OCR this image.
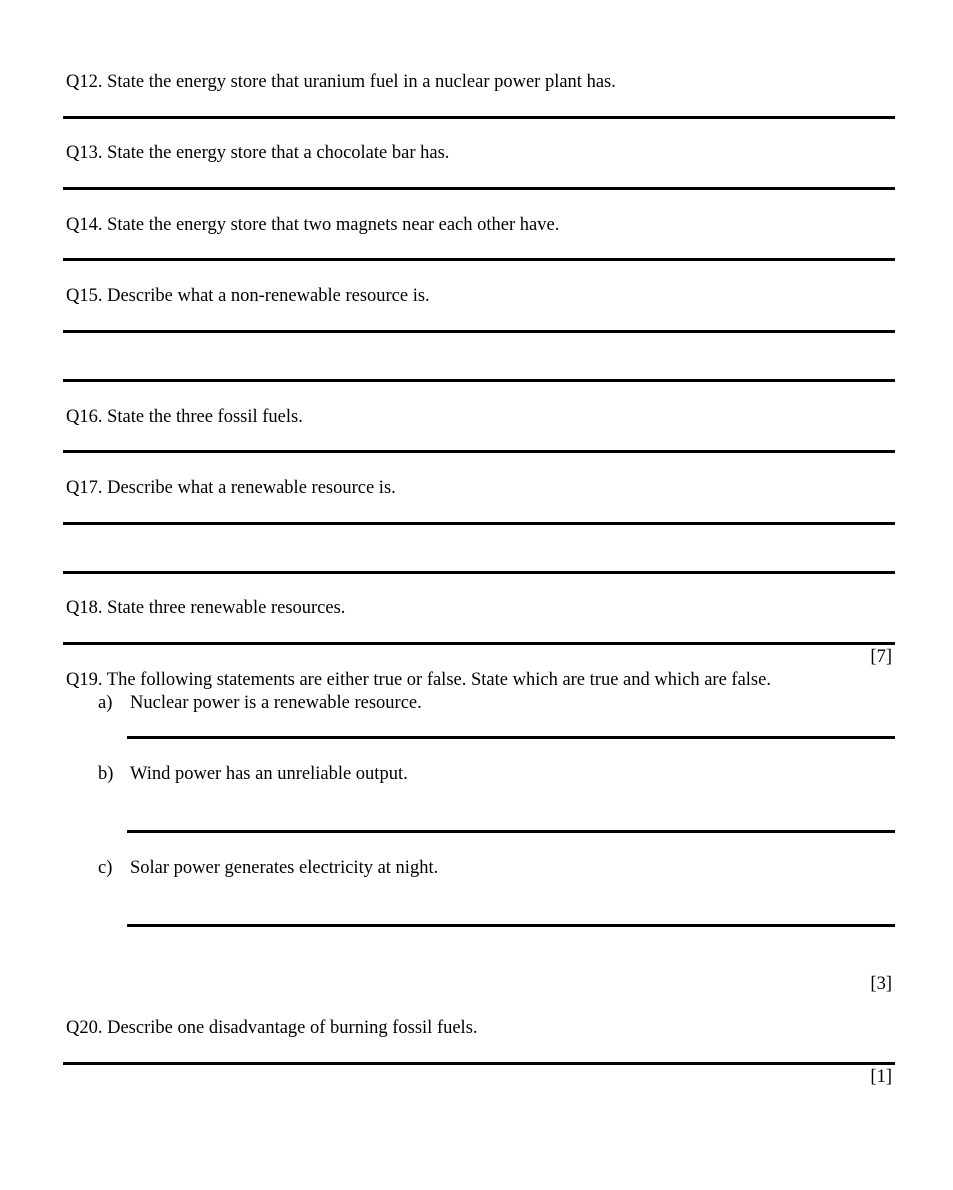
Q12. State the energy store that uranium fuel in a nuclear power plant has.
Q13. State the energy store that a chocolate bar has.
Q14. State the energy store that two magnets near each other have.
Q15. Describe what a non-renewable resource is.
Q16. State the three fossil fuels.
Q17. Describe what a renewable resource is.
Q18. State three renewable resources.
[7]
Q19. The following statements are either true or false. State which are true and which are false.
a) Nuclear power is a renewable resource.
b) Wind power has an unreliable output.
c) Solar power generates electricity at night.
[3]
Q20. Describe one disadvantage of burning fossil fuels.
[1]
